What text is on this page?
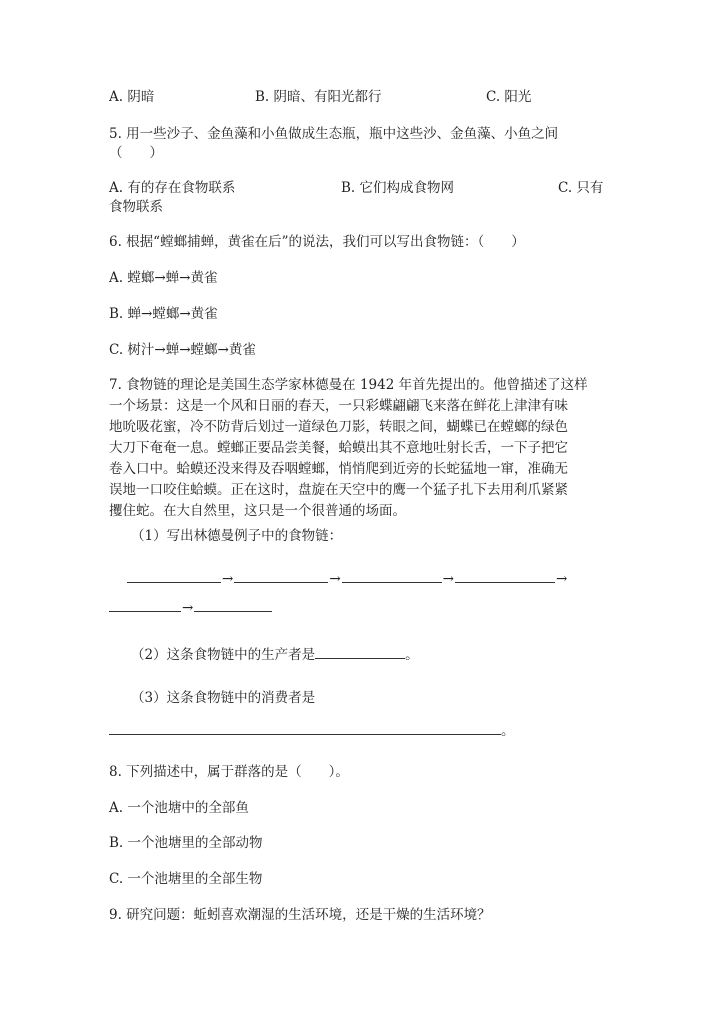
A. 阴暗	B. 阴暗、有阳光都行	C. 阳光
5. 用一些沙子、金鱼藻和小鱼做成生态瓶，瓶中这些沙、金鱼藻、小鱼之间
（　　）
A. 有的存在食物联系	B. 它们构成食物网	C. 只有
食物联系
6. 根据“螳螂捕蝉，黄雀在后”的说法，我们可以写出食物链：（　　）
A. 螳螂→蝉→黄雀
B. 蝉→螳螂→黄雀
C. 树汁→蝉→螳螂→黄雀
7. 食物链的理论是美国生态学家林德曼在 1942 年首先提出的。他曾描述了这样
一个场景：这是一个风和日丽的春天，一只彩蝶翩翩飞来落在鲜花上津津有味
地吮吸花蜜，冷不防背后划过一道绿色刀影，转眼之间，蝴蝶已在螳螂的绿色
大刀下奄奄一息。螳螂正要品尝美餐，蛤蟆出其不意地吐射长舌，一下子把它
卷入口中。蛤蟆还没来得及吞咽螳螂，悄悄爬到近旁的长蛇猛地一窜，准确无
误地一口咬住蛤蟆。正在这时，盘旋在天空中的鹰一个猛子扎下去用利爪紧紧
攫住蛇。在大自然里，这只是一个很普通的场面。
（1）写出林德曼例子中的食物链：
→	→	→	→
→
（2）这条食物链中的生产者是	。
（3）这条食物链中的消费者是
。
8. 下列描述中，属于群落的是（　　）。
A. 一个池塘中的全部鱼
B. 一个池塘里的全部动物
C. 一个池塘里的全部生物
9. 研究问题：蚯蚓喜欢潮湿的生活环境，还是干燥的生活环境？
